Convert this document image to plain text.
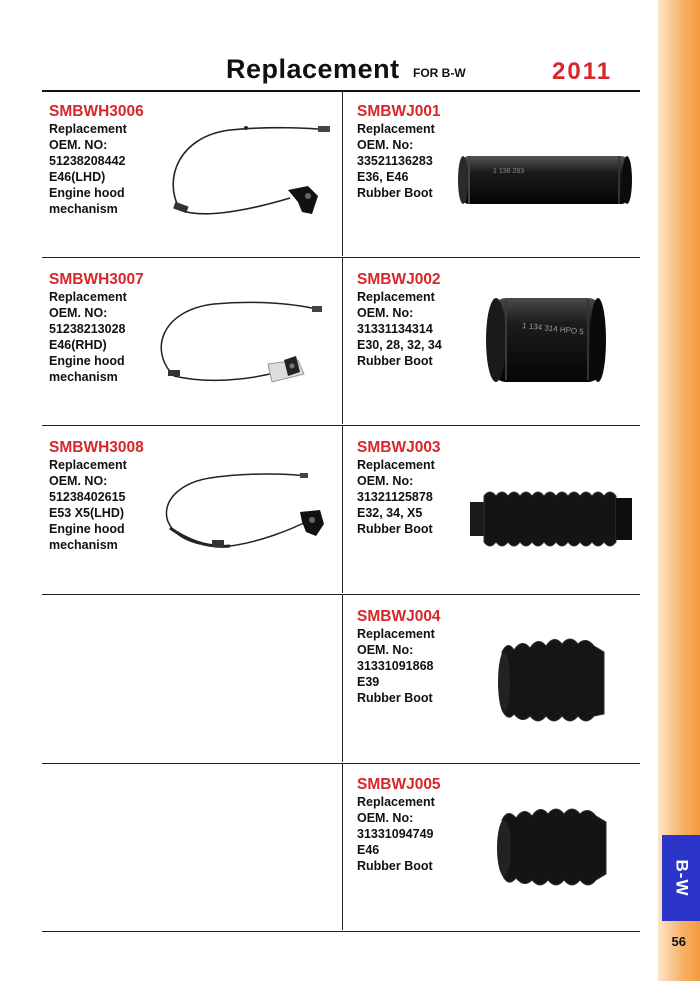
B-W
56
Replacement FOR B-W	2011
SMBWH3006
Replacement
OEM. NO:
51238208442
E46(LHD)
Engine hood
mechanism
SMBWJ001
Replacement
OEM. No:
33521136283
E36, E46
Rubber Boot
1 136 283
SMBWH3007
Replacement
OEM. NO:
51238213028
E46(RHD)
Engine hood
mechanism
SMBWJ002
Replacement
OEM. No:
31331134314
E30, 28, 32, 34
Rubber Boot
1 134 314 HPO 5
SMBWH3008
Replacement
OEM. NO:
51238402615
E53 X5(LHD)
Engine hood
mechanism
SMBWJ003
Replacement
OEM. No:
31321125878
E32, 34, X5
Rubber Boot
SMBWJ004
Replacement
OEM. No:
31331091868
E39
Rubber Boot
SMBWJ005
Replacement
OEM. No:
31331094749
E46
Rubber Boot
